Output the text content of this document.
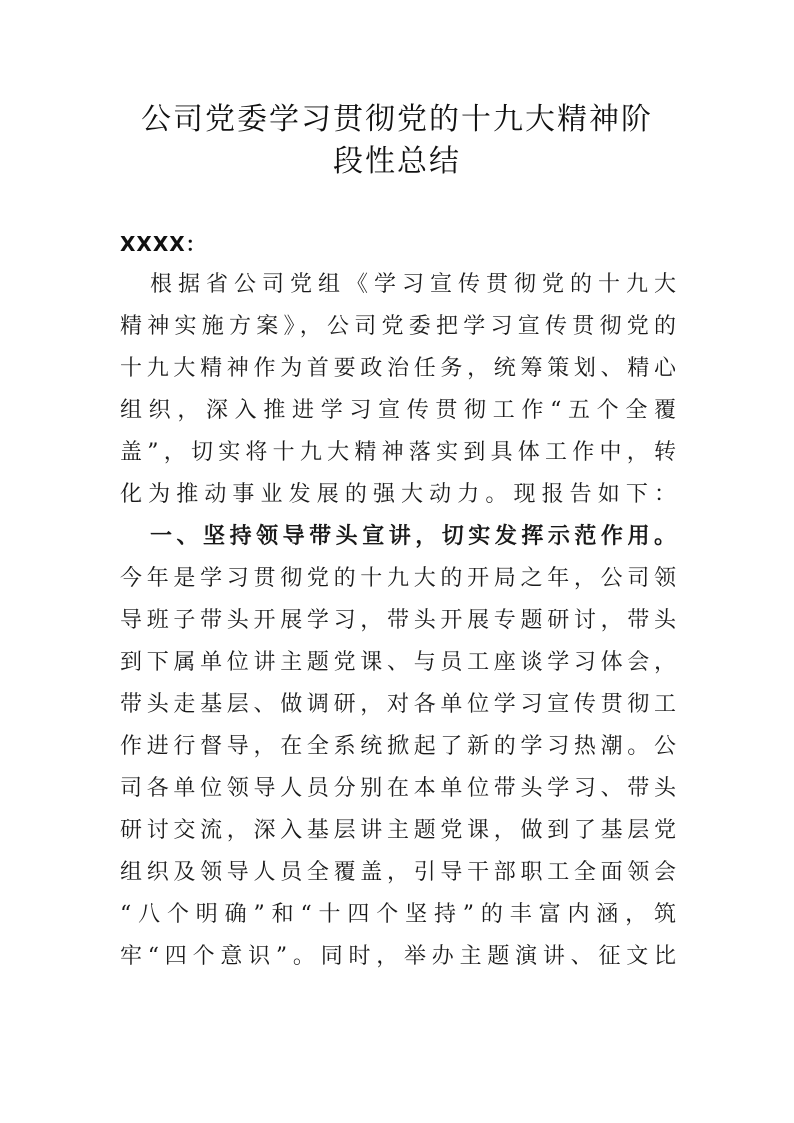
公司党委学习贯彻党的十九大精神阶
段性总结
XXXX：
根据省公司党组《学习宣传贯彻党的十九大
精神实施方案》，公司党委把学习宣传贯彻党的
十九大精神作为首要政治任务，统筹策划、精心
组织，深入推进学习宣传贯彻工作“五个全覆
盖”，切实将十九大精神落实到具体工作中，转
化为推动事业发展的强大动力。现报告如下：
一、坚持领导带头宣讲，切实发挥示范作用。
今年是学习贯彻党的十九大的开局之年，公司领
导班子带头开展学习，带头开展专题研讨，带头
到下属单位讲主题党课、与员工座谈学习体会，
带头走基层、做调研，对各单位学习宣传贯彻工
作进行督导，在全系统掀起了新的学习热潮。公
司各单位领导人员分别在本单位带头学习、带头
研讨交流，深入基层讲主题党课，做到了基层党
组织及领导人员全覆盖，引导干部职工全面领会
“八个明确”和“十四个坚持”的丰富内涵，筑
牢“四个意识”。同时，举办主题演讲、征文比
